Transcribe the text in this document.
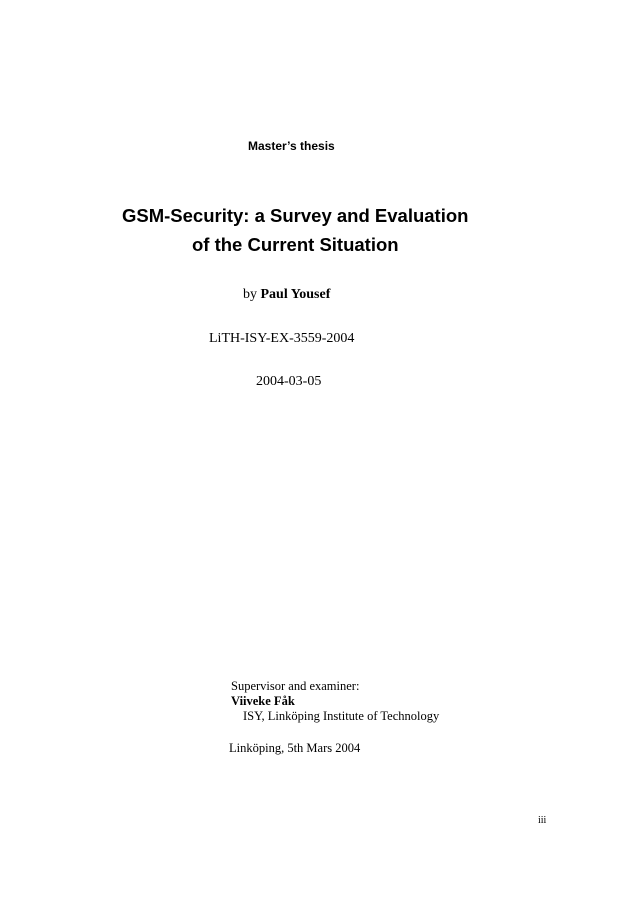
Master’s thesis
GSM-Security: a Survey and Evaluation
of the Current Situation
by Paul Yousef
LiTH-ISY-EX-3559-2004
2004-03-05
Supervisor and examiner:
Viiveke Fåk
ISY, Linköping Institute of Technology
Linköping, 5th Mars 2004
iii
